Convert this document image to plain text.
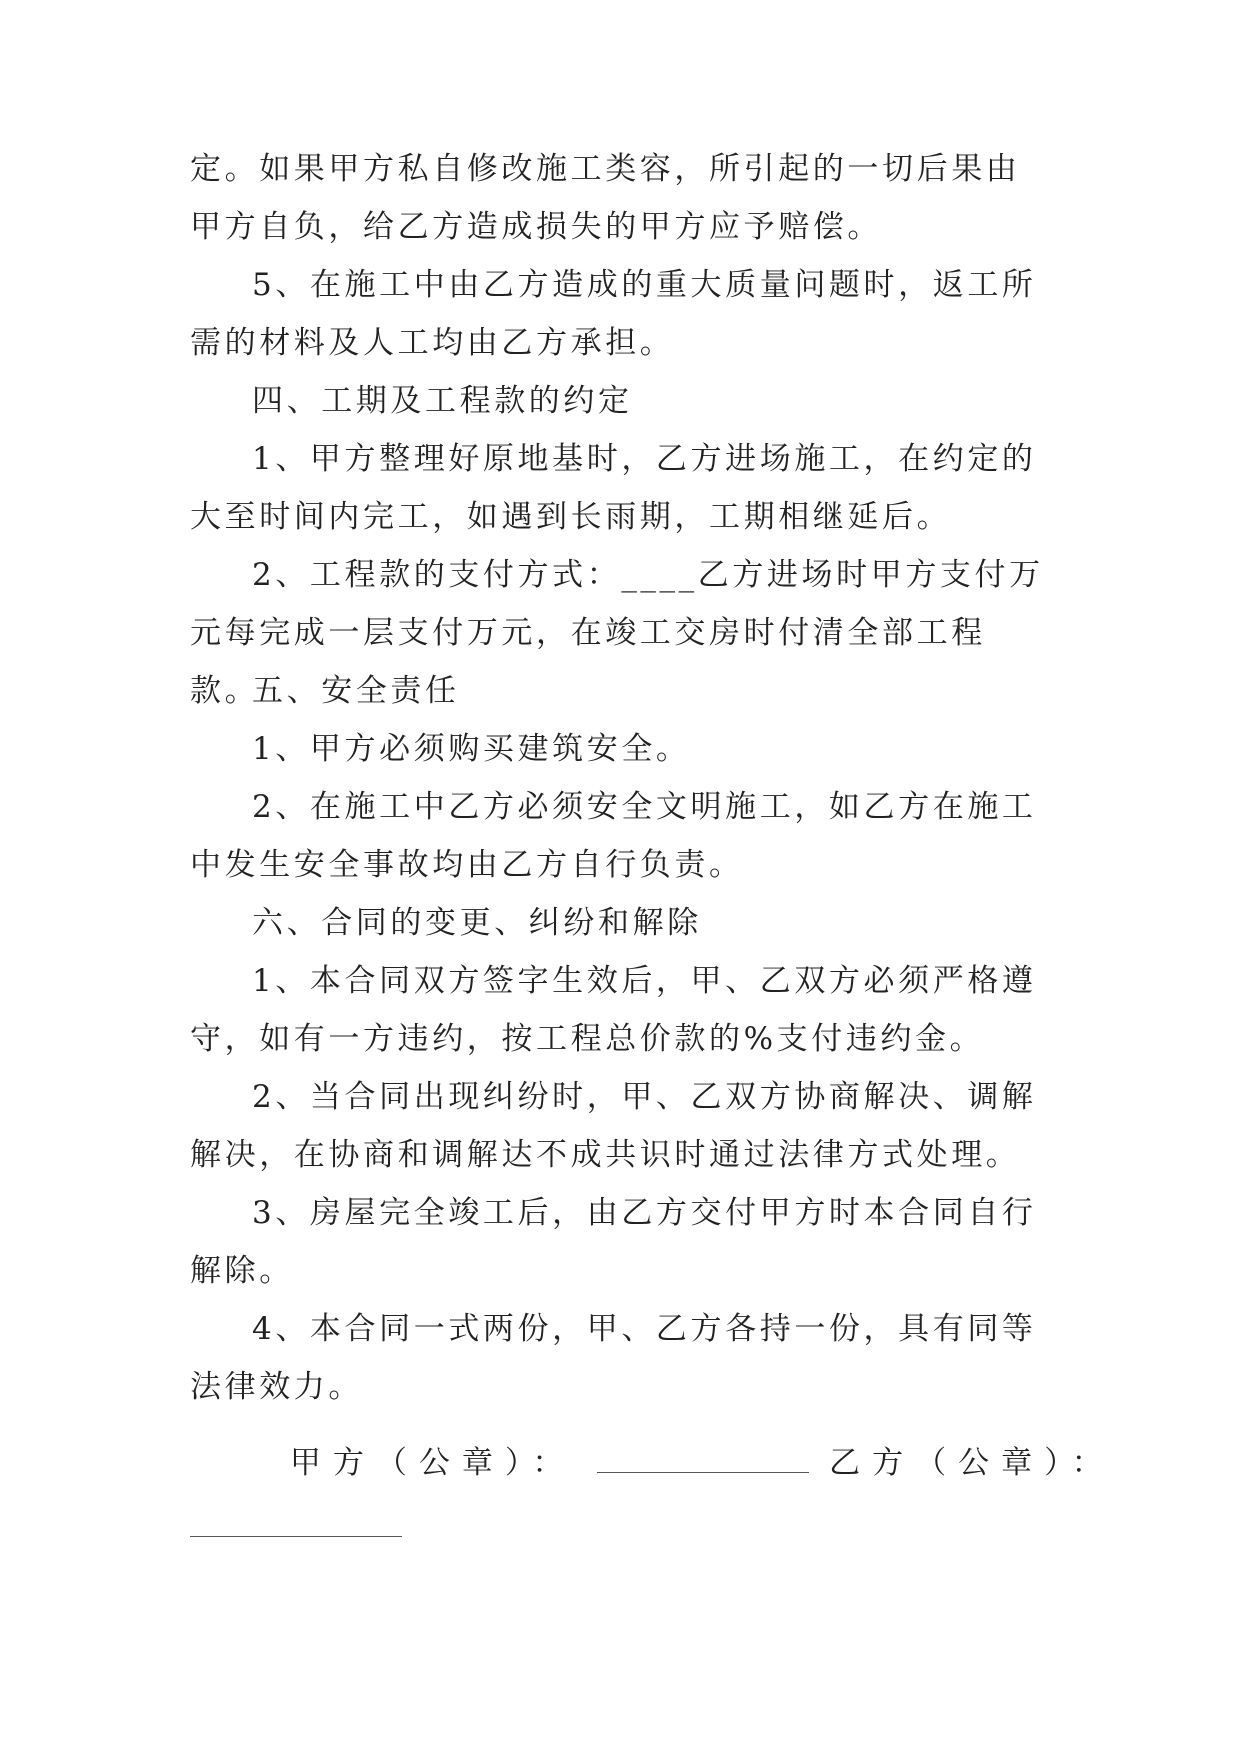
定。如果甲方私自修改施工类容，所引起的一切后果由甲方自负，给乙方造成损失的甲方应予赔偿。

5、在施工中由乙方造成的重大质量问题时，返工所需的材料及人工均由乙方承担。

四、工期及工程款的约定

1、甲方整理好原地基时，乙方进场施工，在约定的大至时间内完工，如遇到长雨期，工期相继延后。

2、工程款的支付方式：____乙方进场时甲方支付万元每完成一层支付万元，在竣工交房时付清全部工程款。

五、安全责任

1、甲方必须购买建筑安全。

2、在施工中乙方必须安全文明施工，如乙方在施工中发生安全事故均由乙方自行负责。

六、合同的变更、纠纷和解除

1、本合同双方签字生效后，甲、乙双方必须严格遵守，如有一方违约，按工程总价款的%支付违约金。

2、当合同出现纠纷时，甲、乙双方协商解决、调解解决，在协商和调解达不成共识时通过法律方式处理。

3、房屋完全竣工后，由乙方交付甲方时本合同自行解除。

4、本合同一式两份，甲、乙方各持一份，具有同等法律效力。

甲方（公章）：	乙方（公章）：
